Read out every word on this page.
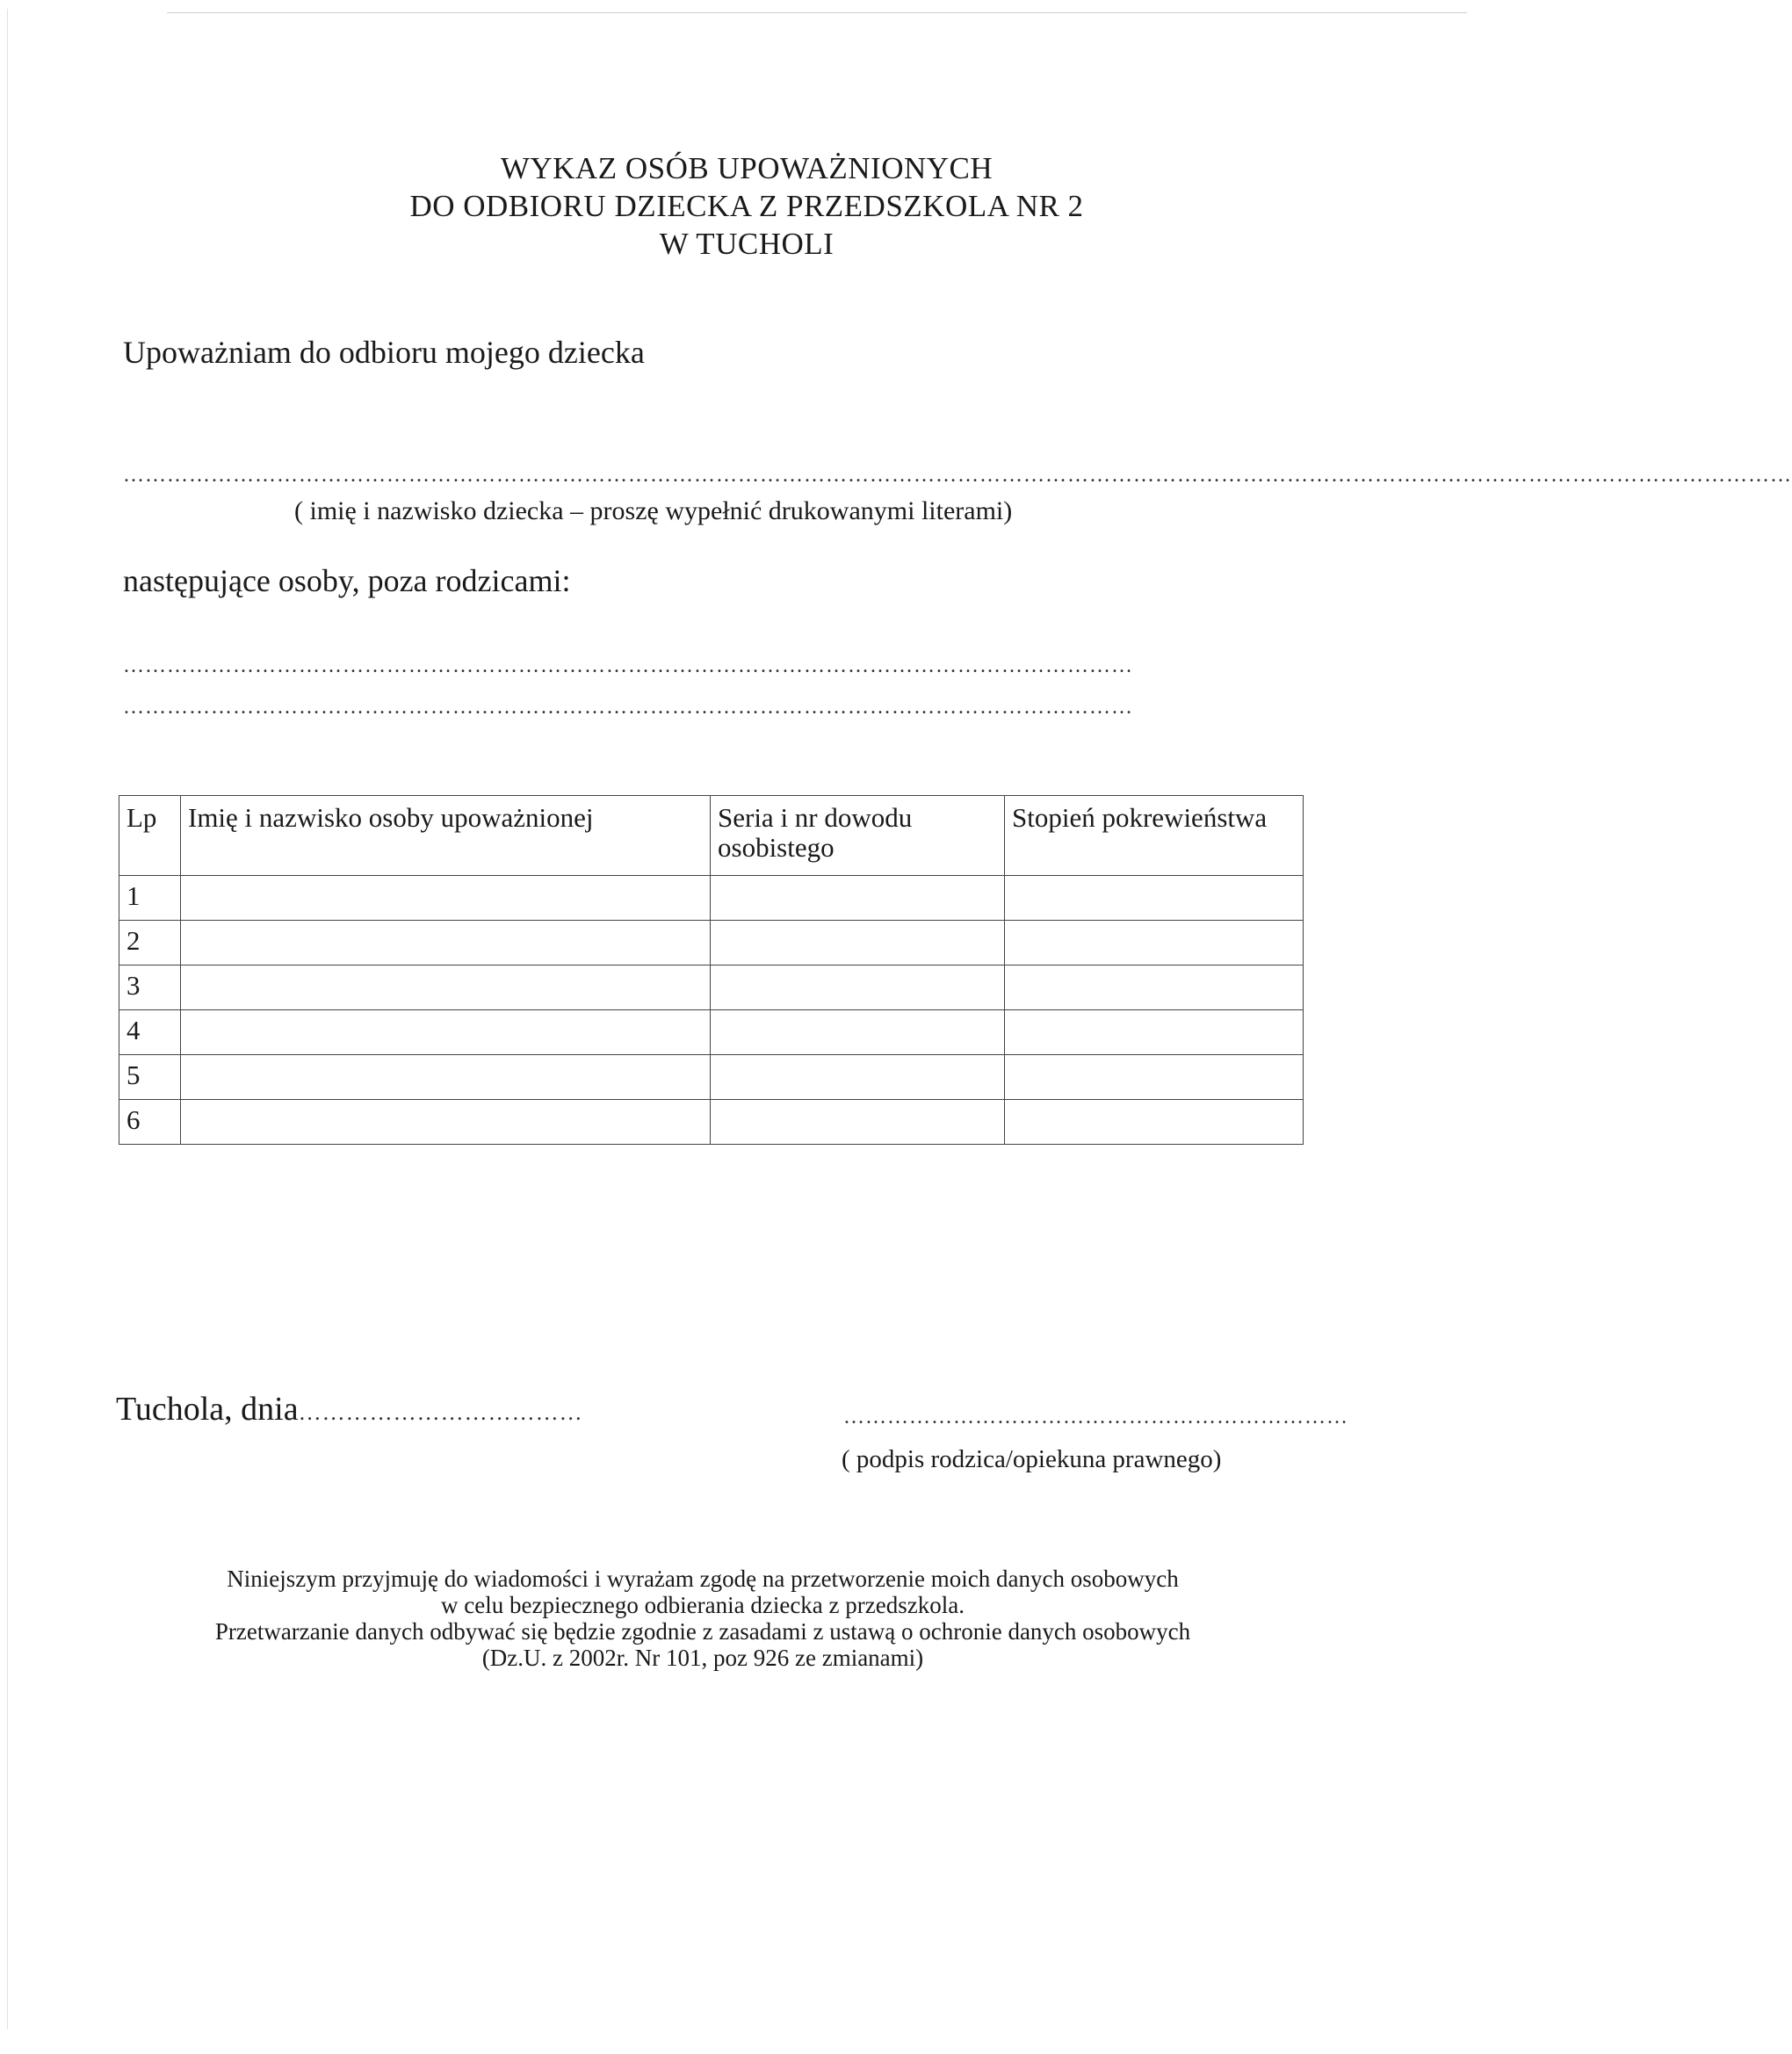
WYKAZ OSÓB UPOWAŻNIONYCH
DO ODBIORU DZIECKA Z PRZEDSZKOLA NR 2
W TUCHOLI
Upoważniam do odbioru mojego dziecka
…………………………………………………………………………………………………………………………………………………………………………………………………………
( imię i nazwisko dziecka – proszę wypełnić drukowanymi literami)
następujące osoby, poza rodzicami:
…………………………………………………………………………………………………………………………
…………………………………………………………………………………………………………………………
Lp	Imię i nazwisko osoby upoważnionej	Seria i nr dowodu osobistego	Stopień pokrewieństwa
1			
2			
3			
4			
5			
6			
Tuchola, dnia………………………………	……………………………………………………………
( podpis rodzica/opiekuna prawnego)
Niniejszym przyjmuję do wiadomości i wyrażam zgodę na przetworzenie moich danych osobowych
w celu bezpiecznego odbierania dziecka z przedszkola.
Przetwarzanie danych odbywać się będzie zgodnie z zasadami z ustawą o ochronie danych osobowych
(Dz.U. z 2002r. Nr 101, poz 926 ze zmianami)
